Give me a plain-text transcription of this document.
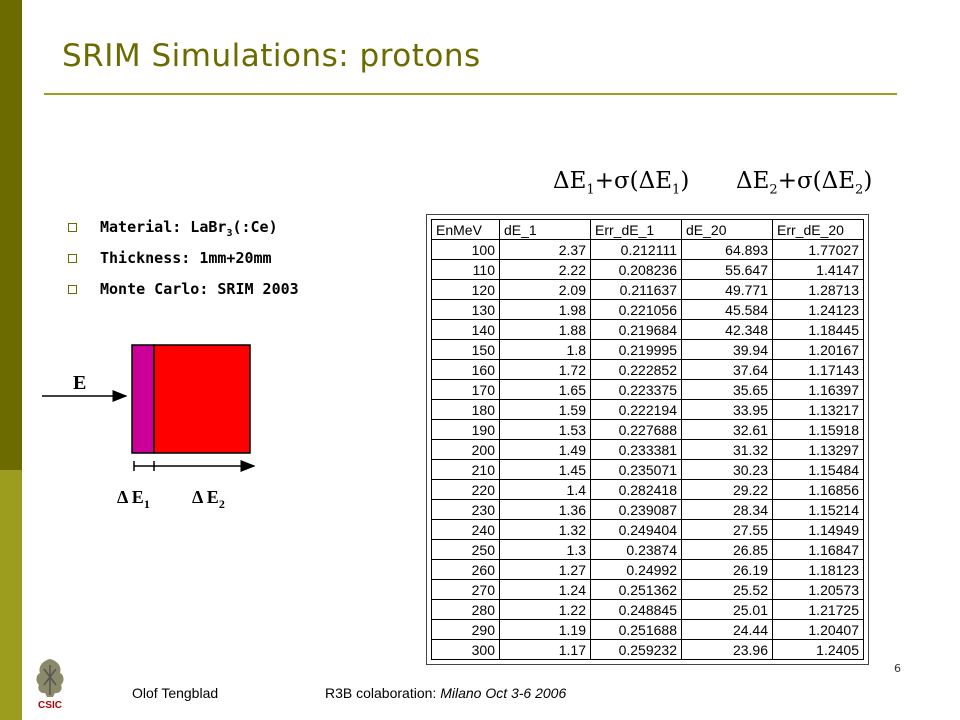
SRIM Simulations: protons
Material: LaBr$_3$(:Ce)
Thickness: 1mm+20mm
Monte Carlo: SRIM 2003
$\Delta E_1+\sigma(\Delta E_1)$ $\Delta E_2+\sigma(\Delta E_2)$
E
Δ $E_1$ Δ $E_2$
EnMeV	dE_1	Err_dE_1	dE_20	Err_dE_20
100	2.37	0.212111	64.893	1.77027
110	2.22	0.208236	55.647	1.4147
120	2.09	0.211637	49.771	1.28713
130	1.98	0.221056	45.584	1.24123
140	1.88	0.219684	42.348	1.18445
150	1.8	0.219995	39.94	1.20167
160	1.72	0.222852	37.64	1.17143
170	1.65	0.223375	35.65	1.16397
180	1.59	0.222194	33.95	1.13217
190	1.53	0.227688	32.61	1.15918
200	1.49	0.233381	31.32	1.13297
210	1.45	0.235071	30.23	1.15484
220	1.4	0.282418	29.22	1.16856
230	1.36	0.239087	28.34	1.15214
240	1.32	0.249404	27.55	1.14949
250	1.3	0.23874	26.85	1.16847
260	1.27	0.24992	26.19	1.18123
270	1.24	0.251362	25.52	1.20573
280	1.22	0.248845	25.01	1.21725
290	1.19	0.251688	24.44	1.20407
300	1.17	0.259232	23.96	1.2405
CSIC
6
Olof Tengblad	R3B colaboration: Milano Oct 3-6 2006
